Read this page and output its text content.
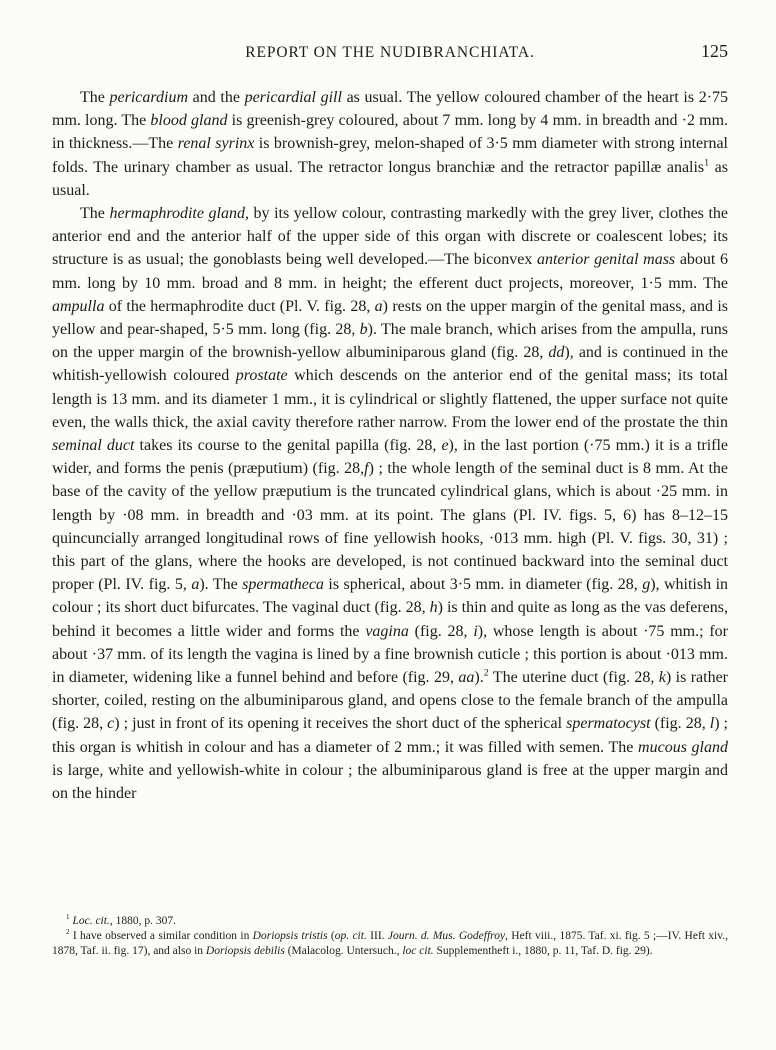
REPORT ON THE NUDIBRANCHIATA.	125

The pericardium and the pericardial gill as usual. The yellow coloured chamber of the heart is 2·75 mm. long. The blood gland is greenish-grey coloured, about 7 mm. long by 4 mm. in breadth and ·2 mm. in thickness.—The renal syrinx is brownish-grey, melon-shaped of 3·5 mm diameter with strong internal folds. The urinary chamber as usual. The retractor longus branchiæ and the retractor papillæ analis$^1$ as usual.

The hermaphrodite gland, by its yellow colour, contrasting markedly with the grey liver, clothes the anterior end and the anterior half of the upper side of this organ with discrete or coalescent lobes; its structure is as usual; the gonoblasts being well developed.—The biconvex anterior genital mass about 6 mm. long by 10 mm. broad and 8 mm. in height; the efferent duct projects, moreover, 1·5 mm. The ampulla of the hermaphrodite duct (Pl. V. fig. 28, a) rests on the upper margin of the genital mass, and is yellow and pear-shaped, 5·5 mm. long (fig. 28, b). The male branch, which arises from the ampulla, runs on the upper margin of the brownish-yellow albuminiparous gland (fig. 28, dd), and is continued in the whitish-yellowish coloured prostate which descends on the anterior end of the genital mass; its total length is 13 mm. and its diameter 1 mm., it is cylindrical or slightly flattened, the upper surface not quite even, the walls thick, the axial cavity therefore rather narrow. From the lower end of the prostate the thin seminal duct takes its course to the genital papilla (fig. 28, e), in the last portion (·75 mm.) it is a trifle wider, and forms the penis (præputium) (fig. 28,f) ; the whole length of the seminal duct is 8 mm. At the base of the cavity of the yellow præputium is the truncated cylindrical glans, which is about ·25 mm. in length by ·08 mm. in breadth and ·03 mm. at its point. The glans (Pl. IV. figs. 5, 6) has 8–12–15 quincuncially arranged longitudinal rows of fine yellowish hooks, ·013 mm. high (Pl. V. figs. 30, 31) ; this part of the glans, where the hooks are developed, is not continued backward into the seminal duct proper (Pl. IV. fig. 5, a). The spermatheca is spherical, about 3·5 mm. in diameter (fig. 28, g), whitish in colour ; its short duct bifurcates. The vaginal duct (fig. 28, h) is thin and quite as long as the vas deferens, behind it becomes a little wider and forms the vagina (fig. 28, i), whose length is about ·75 mm.; for about ·37 mm. of its length the vagina is lined by a fine brownish cuticle ; this portion is about ·013 mm. in diameter, widening like a funnel behind and before (fig. 29, aa).$^2$ The uterine duct (fig. 28, k) is rather shorter, coiled, resting on the albuminiparous gland, and opens close to the female branch of the ampulla (fig. 28, c) ; just in front of its opening it receives the short duct of the spherical spermatocyst (fig. 28, l) ; this organ is whitish in colour and has a diameter of 2 mm.; it was filled with semen. The mucous gland is large, white and yellowish-white in colour ; the albuminiparous gland is free at the upper margin and on the hinder

$^1$ Loc. cit., 1880, p. 307.

$^2$ I have observed a similar condition in Doriopsis tristis (op. cit. III. Journ. d. Mus. Godeffroy, Heft viii., 1875. Taf. xi. fig. 5 ;—IV. Heft xiv., 1878, Taf. ii. fig. 17), and also in Doriopsis debilis (Malacolog. Untersuch., loc cit. Supplementheft i., 1880, p. 11, Taf. D. fig. 29).
